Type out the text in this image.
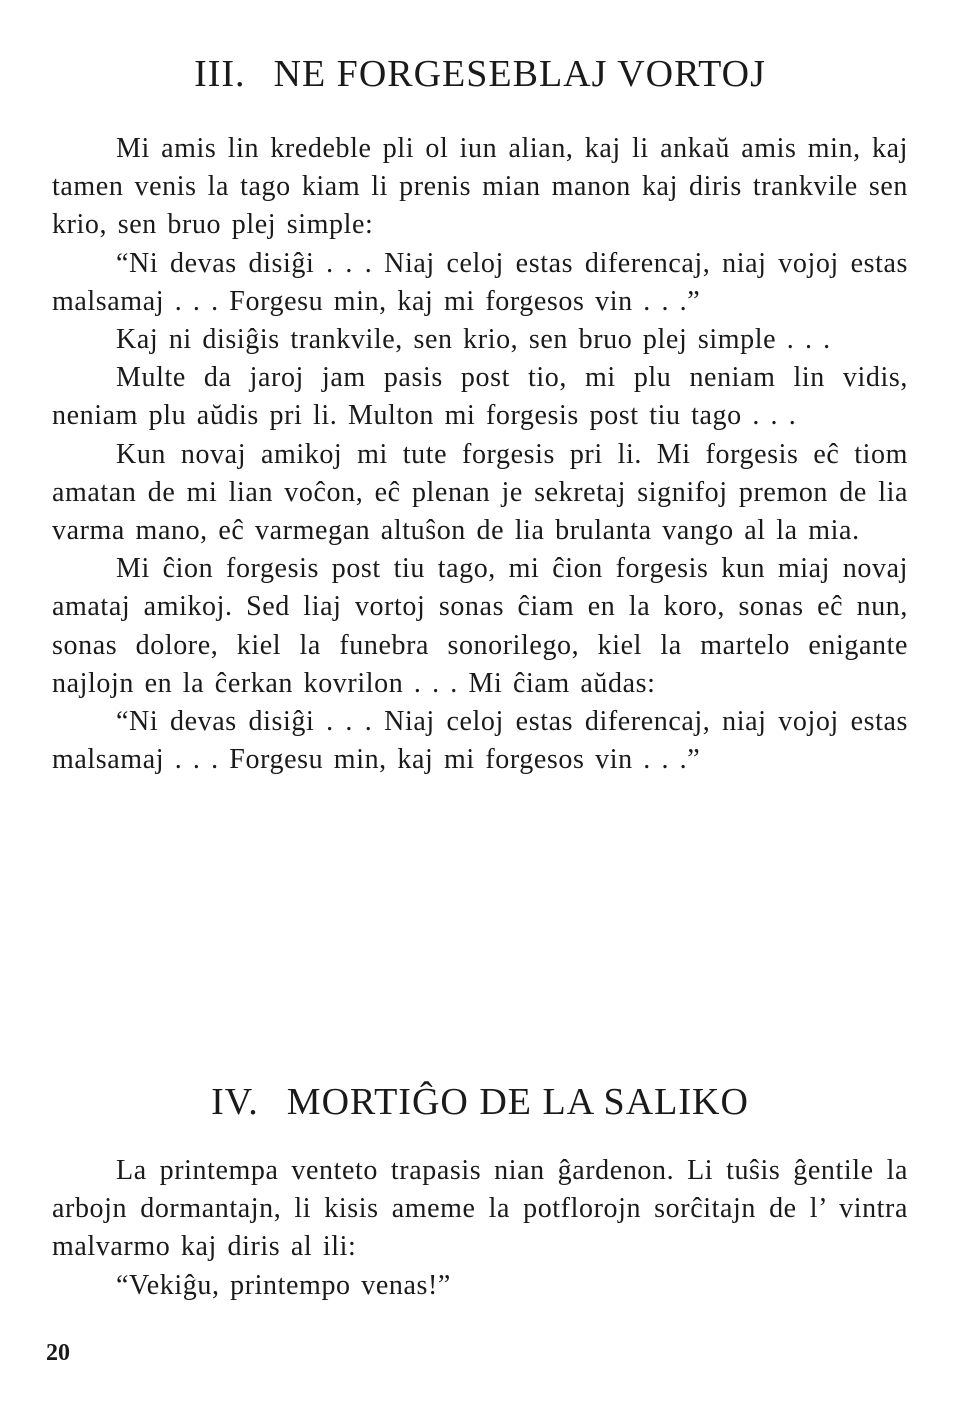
III. NE FORGESEBLAJ VORTOJ

Mi amis lin kredeble pli ol iun alian, kaj li ankaŭ amis min, kaj tamen venis la tago kiam li prenis mian manon kaj diris trankvile sen krio, sen bruo plej simple:

“Ni devas disiĝi . . . Niaj celoj estas diferencaj, niaj vojoj estas malsamaj . . . Forgesu min, kaj mi forgesos vin . . .”

Kaj ni disiĝis trankvile, sen krio, sen bruo plej simple . . .

Multe da jaroj jam pasis post tio, mi plu neniam lin vidis, neniam plu aŭdis pri li. Multon mi forgesis post tiu tago . . .

Kun novaj amikoj mi tute forgesis pri li. Mi forgesis eĉ tiom amatan de mi lian voĉon, eĉ plenan je sekretaj signifoj premon de lia varma mano, eĉ varmegan altuŝon de lia brulanta vango al la mia.

Mi ĉion forgesis post tiu tago, mi ĉion forgesis kun miaj novaj amataj amikoj. Sed liaj vortoj sonas ĉiam en la koro, sonas eĉ nun, sonas dolore, kiel la funebra sonorilego, kiel la martelo enigante najlojn en la ĉerkan kovrilon . . . Mi ĉiam aŭdas:

“Ni devas disiĝi . . . Niaj celoj estas diferencaj, niaj vojoj estas malsamaj . . . Forgesu min, kaj mi forgesos vin . . .”

IV. MORTIĜO DE LA SALIKO

La printempa venteto trapasis nian ĝardenon. Li tuŝis ĝentile la arbojn dormantajn, li kisis ameme la potflorojn sorĉitajn de l’ vintra malvarmo kaj diris al ili:

“Vekiĝu, printempo venas!”

20
